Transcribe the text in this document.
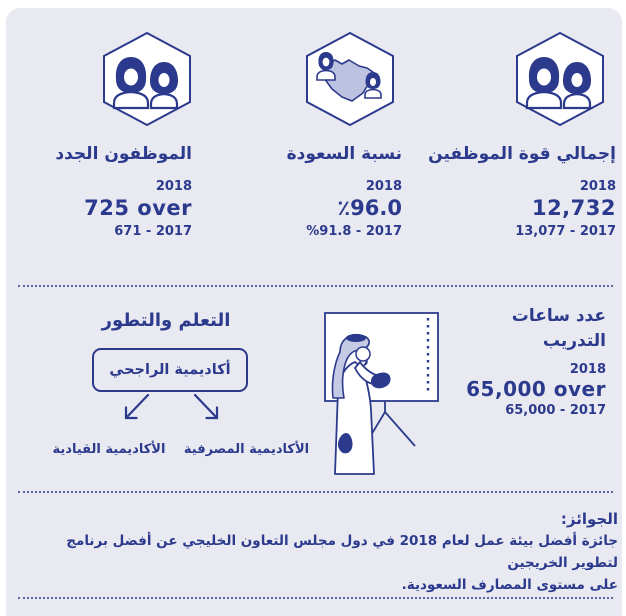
إجمالي قوة الموظفين
2018
12,732
13,077 - 2017
نسبة السعودة
2018
٪96.0
%91.8 - 2017
الموظفون الجدد
2018
725 over
671 - 2017
التعلم والتطور
أكاديمية الراجحي
الأكاديمية القيادية الأكاديمية المصرفية
عدد ساعات
التدريب
2018
65,000 over
65,000 - 2017
الجوائز:
جائزة أفضل بيئة عمل لعام 2018 في دول مجلس التعاون الخليجي عن أفضل برنامج لتطوير الخريجين
على مستوى المصارف السعودية.
